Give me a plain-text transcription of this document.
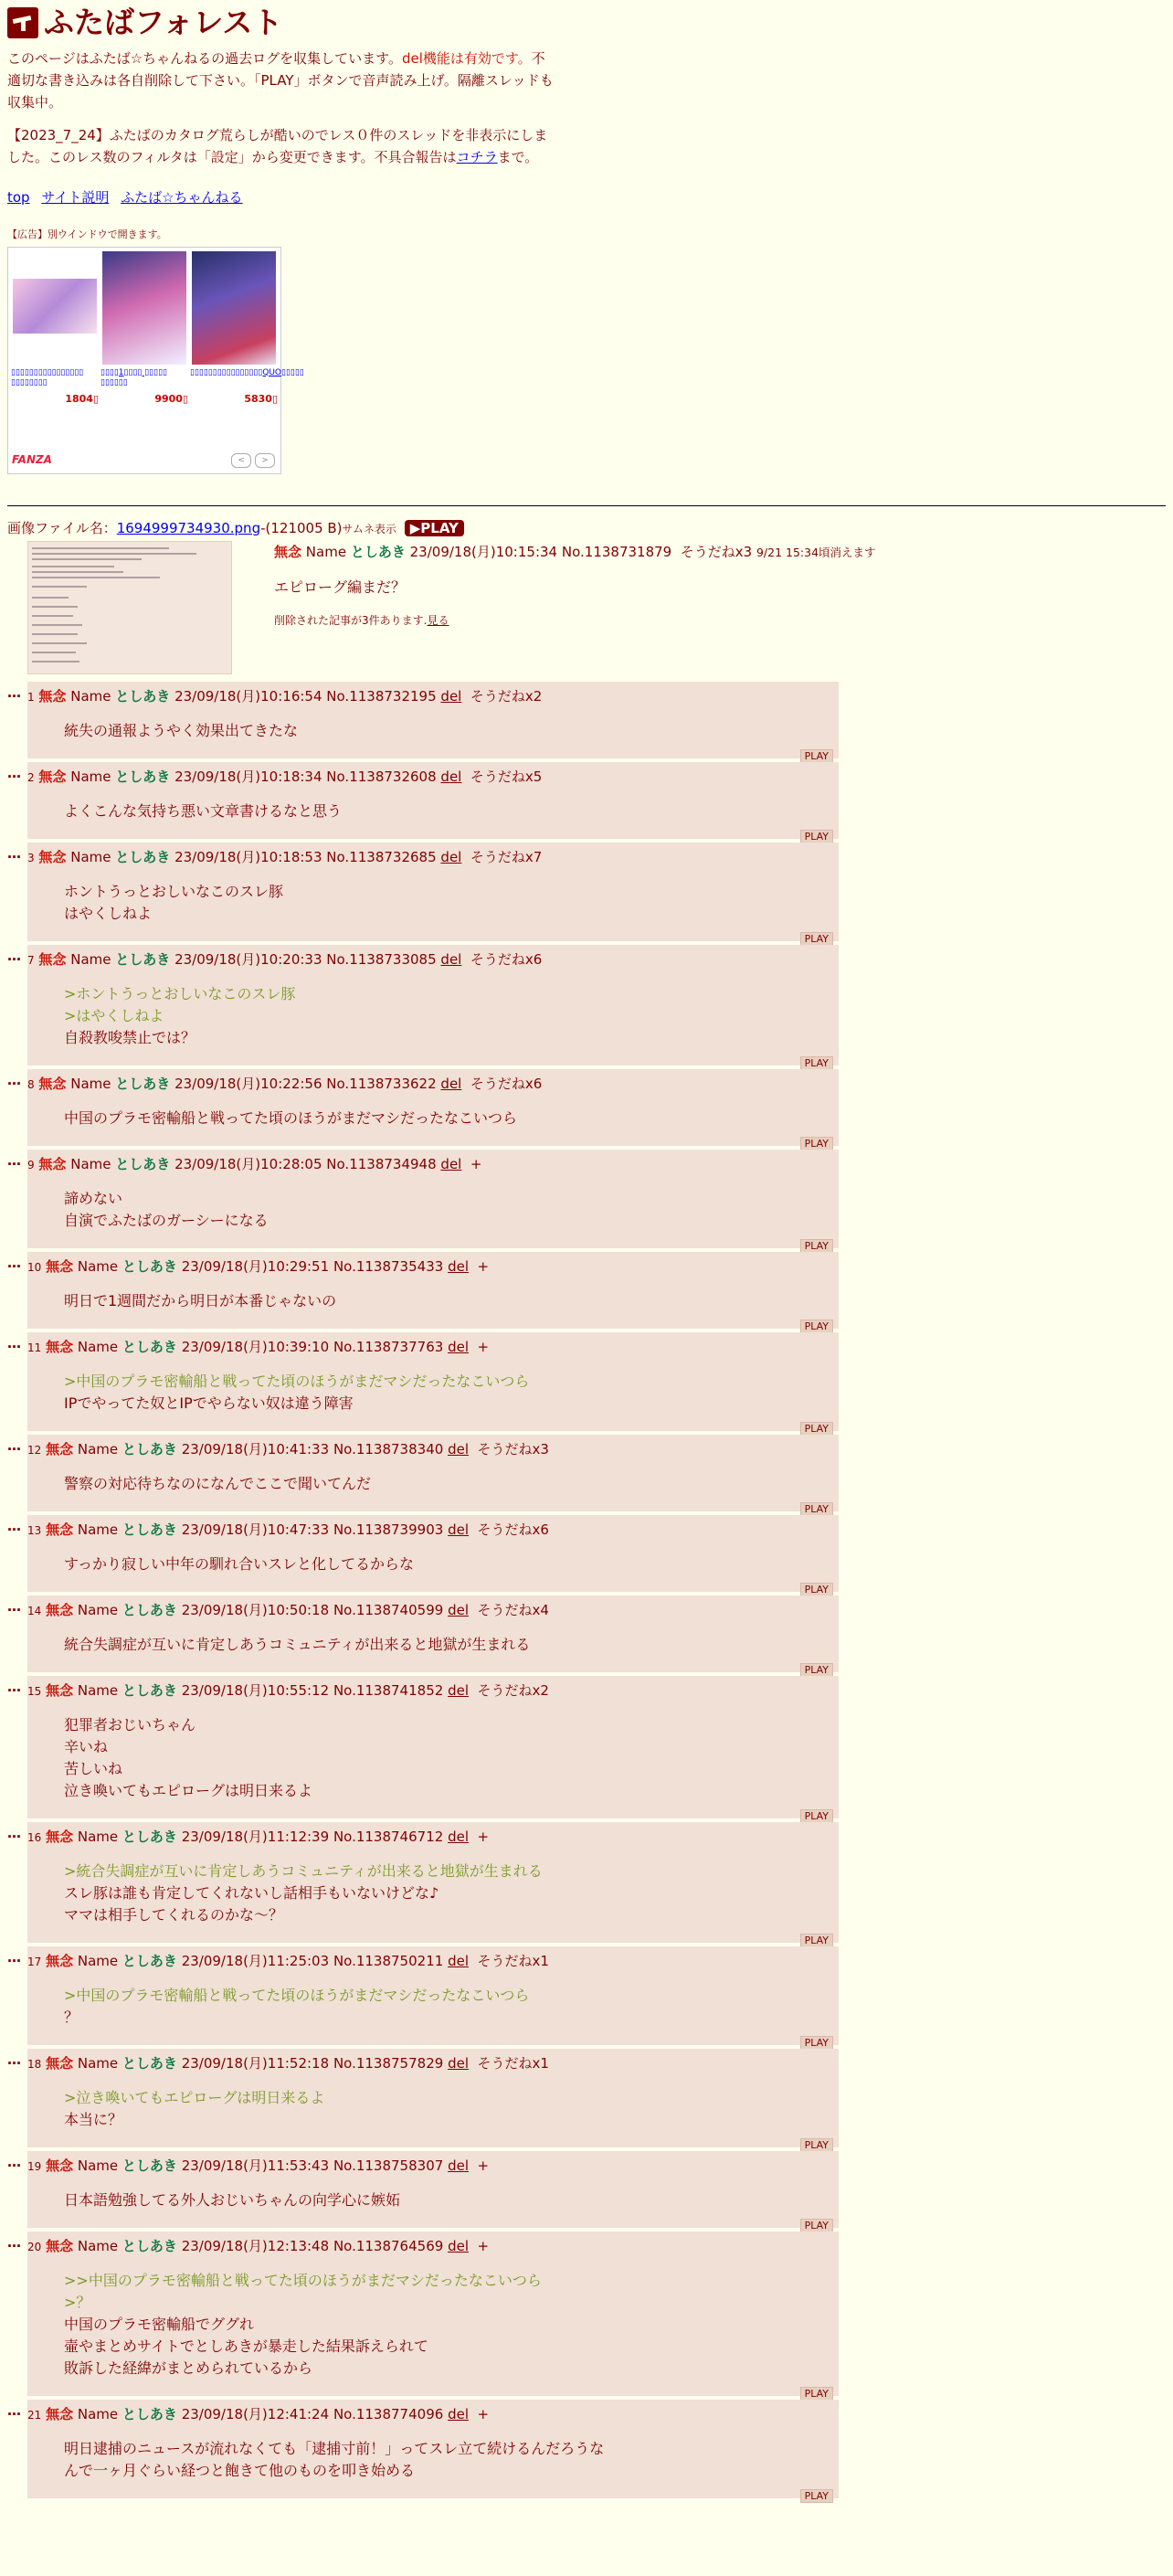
ふたばフォレスト

このページはふたば☆ちゃんねるの過去ログを収集しています。del機能は有効です。不適切な書き込みは各自削除して下さい。「PLAY」ボタンで音声読み上げ。隔離スレッドも収集中。

【2023_7_24】ふたばのカタログ荒らしが酷いのでレス０件のスレッドを非表示にしました。このレス数のフィルタは「設定」から変更できます。不具合報告はコチラまで。

top サイト説明 ふたば☆ちゃんねる
【広告】別ウインドウで開きます。
▯▯▯▯▯▯▯▯▯▯▯▯▯▯▯▯ ▯▯▯▯▯▯▯▯
1804▯
▯▯▯▯1▯▯▯▯ ▯▯▯▯▯ ▯▯▯▯▯▯
9900▯
▯▯▯▯▯▯▯▯▯▯▯▯▯▯▯▯QUO▯▯▯▯▯
5830▯
FANZA	<	>
画像ファイル名：1694999734930.png-(121005 B)サムネ表示 ▶PLAY
無念 Name としあき 23/09/18(月)10:15:34 No.1138731879 そうだねx3 9/21 15:34頃消えます
エピローグ編まだ？
削除された記事が3件あります.見る
… 1 無念 Name としあき 23/09/18(月)10:16:54 No.1138732195 del そうだねx2
統失の通報ようやく効果出てきたな
PLAY
… 2 無念 Name としあき 23/09/18(月)10:18:34 No.1138732608 del そうだねx5
よくこんな気持ち悪い文章書けるなと思う
PLAY
… 3 無念 Name としあき 23/09/18(月)10:18:53 No.1138732685 del そうだねx7
ホントうっとおしいなこのスレ豚
はやくしねよ
PLAY
… 7 無念 Name としあき 23/09/18(月)10:20:33 No.1138733085 del そうだねx6
>ホントうっとおしいなこのスレ豚
>はやくしねよ
自殺教唆禁止では？
PLAY
… 8 無念 Name としあき 23/09/18(月)10:22:56 No.1138733622 del そうだねx6
中国のプラモ密輸船と戦ってた頃のほうがまだマシだったなこいつら
PLAY
… 9 無念 Name としあき 23/09/18(月)10:28:05 No.1138734948 del +
諦めない
自演でふたばのガーシーになる
PLAY
… 10 無念 Name としあき 23/09/18(月)10:29:51 No.1138735433 del +
明日で1週間だから明日が本番じゃないの
PLAY
… 11 無念 Name としあき 23/09/18(月)10:39:10 No.1138737763 del +
>中国のプラモ密輸船と戦ってた頃のほうがまだマシだったなこいつら
IPでやってた奴とIPでやらない奴は違う障害
PLAY
… 12 無念 Name としあき 23/09/18(月)10:41:33 No.1138738340 del そうだねx3
警察の対応待ちなのになんでここで聞いてんだ
PLAY
… 13 無念 Name としあき 23/09/18(月)10:47:33 No.1138739903 del そうだねx6
すっかり寂しい中年の馴れ合いスレと化してるからな
PLAY
… 14 無念 Name としあき 23/09/18(月)10:50:18 No.1138740599 del そうだねx4
統合失調症が互いに肯定しあうコミュニティが出来ると地獄が生まれる
PLAY
… 15 無念 Name としあき 23/09/18(月)10:55:12 No.1138741852 del そうだねx2
犯罪者おじいちゃん
辛いね
苦しいね
泣き喚いてもエピローグは明日来るよ
PLAY
… 16 無念 Name としあき 23/09/18(月)11:12:39 No.1138746712 del +
>統合失調症が互いに肯定しあうコミュニティが出来ると地獄が生まれる
スレ豚は誰も肯定してくれないし話相手もいないけどな♪
ママは相手してくれるのかな～？
PLAY
… 17 無念 Name としあき 23/09/18(月)11:25:03 No.1138750211 del そうだねx1
>中国のプラモ密輸船と戦ってた頃のほうがまだマシだったなこいつら
？
PLAY
… 18 無念 Name としあき 23/09/18(月)11:52:18 No.1138757829 del そうだねx1
>泣き喚いてもエピローグは明日来るよ
本当に？
PLAY
… 19 無念 Name としあき 23/09/18(月)11:53:43 No.1138758307 del +
日本語勉強してる外人おじいちゃんの向学心に嫉妬
PLAY
… 20 無念 Name としあき 23/09/18(月)12:13:48 No.1138764569 del +
>>中国のプラモ密輸船と戦ってた頃のほうがまだマシだったなこいつら
>？
中国のプラモ密輸船でググれ
壷やまとめサイトでとしあきが暴走した結果訴えられて
敗訴した経緯がまとめられているから
PLAY
… 21 無念 Name としあき 23/09/18(月)12:41:24 No.1138774096 del +
明日逮捕のニュースが流れなくても「逮捕寸前！」ってスレ立て続けるんだろうな
んで一ヶ月ぐらい経つと飽きて他のものを叩き始める
PLAY
